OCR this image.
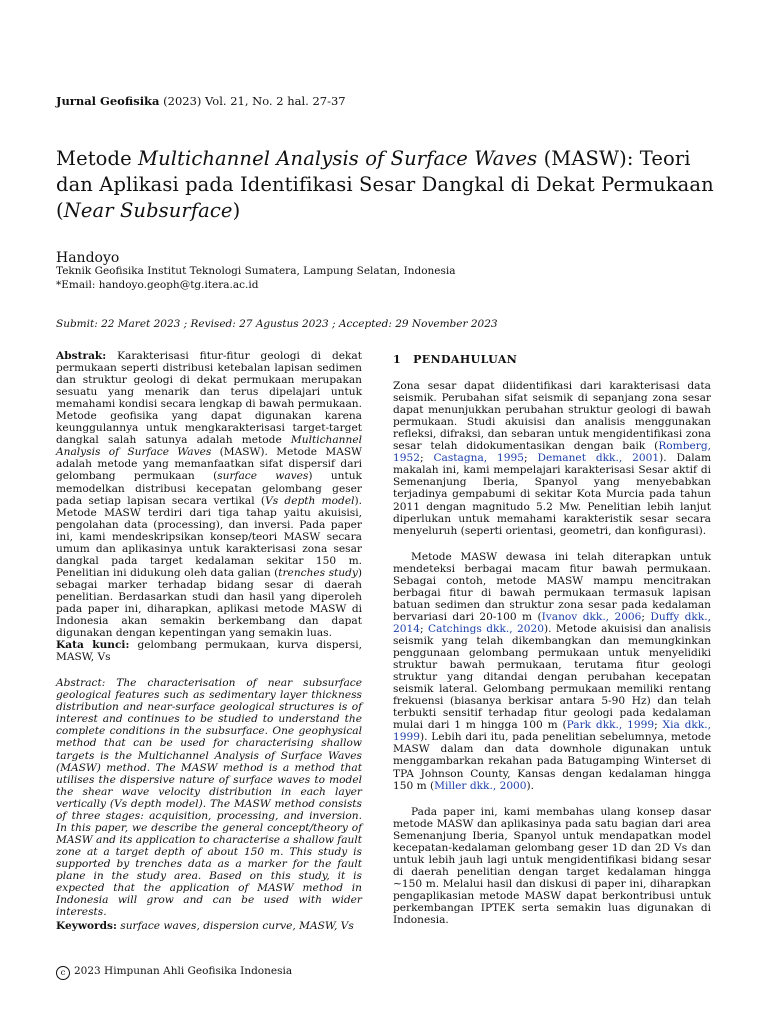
Jurnal Geofisika (2023) Vol. 21, No. 2 hal. 27-37
Metode Multichannel Analysis of Surface Waves (MASW): Teori dan Aplikasi pada Identifikasi Sesar Dangkal di Dekat Permukaan (Near Subsurface)
Handoyo
Teknik Geofisika Institut Teknologi Sumatera, Lampung Selatan, Indonesia
*Email: handoyo.geoph@tg.itera.ac.id
Submit: 22 Maret 2023 ; Revised: 27 Agustus 2023 ; Accepted: 29 November 2023
Abstrak: Karakterisasi fitur-fitur geologi di dekat permukaan seperti distribusi ketebalan lapisan sedimen dan struktur geologi di dekat permukaan merupakan sesuatu yang menarik dan terus dipelajari untuk memahami kondisi secara lengkap di bawah permukaan. Metode geofisika yang dapat digunakan karena keunggulannya untuk mengkarakterisasi target-target dangkal salah satunya adalah metode Multichannel Analysis of Surface Waves (MASW). Metode MASW adalah metode yang memanfaatkan sifat dispersif dari gelombang permukaan (surface waves) untuk memodelkan distribusi kecepatan gelombang geser pada setiap lapisan secara vertikal (Vs depth model). Metode MASW terdiri dari tiga tahap yaitu akuisisi, pengolahan data (processing), dan inversi. Pada paper ini, kami mendeskripsikan konsep/teori MASW secara umum dan aplikasinya untuk karakterisasi zona sesar dangkal pada target kedalaman sekitar 150 m. Penelitian ini didukung oleh data galian (trenches study) sebagai marker terhadap bidang sesar di daerah penelitian. Berdasarkan studi dan hasil yang diperoleh pada paper ini, diharapkan, aplikasi metode MASW di Indonesia akan semakin berkembang dan dapat digunakan dengan kepentingan yang semakin luas.
Kata kunci: gelombang permukaan, kurva dispersi, MASW, Vs
Abstract: The characterisation of near subsurface geological features such as sedimentary layer thickness distribution and near-surface geological structures is of interest and continues to be studied to understand the complete conditions in the subsurface. One geophysical method that can be used for characterising shallow targets is the Multichannel Analysis of Surface Waves (MASW) method. The MASW method is a method that utilises the dispersive nature of surface waves to model the shear wave velocity distribution in each layer vertically (Vs depth model). The MASW method consists of three stages: acquisition, processing, and inversion. In this paper, we describe the general concept/theory of MASW and its application to characterise a shallow fault zone at a target depth of about 150 m. This study is supported by trenches data as a marker for the fault plane in the study area. Based on this study, it is expected that the application of MASW method in Indonesia will grow and can be used with wider interests.
Keywords: surface waves, dispersion curve, MASW, Vs
1 PENDAHULUAN

Zona sesar dapat diidentifikasi dari karakterisasi data seismik. Perubahan sifat seismik di sepanjang zona sesar dapat menunjukkan perubahan struktur geologi di bawah permukaan. Studi akuisisi dan analisis menggunakan refleksi, difraksi, dan sebaran untuk mengidentifikasi zona sesar telah didokumentasikan dengan baik (Romberg, 1952; Castagna, 1995; Demanet dkk., 2001). Dalam makalah ini, kami mempelajari karakterisasi Sesar aktif di Semenanjung Iberia, Spanyol yang menyebabkan terjadinya gempabumi di sekitar Kota Murcia pada tahun 2011 dengan magnitudo 5.2 Mw. Penelitian lebih lanjut diperlukan untuk memahami karakteristik sesar secara menyeluruh (seperti orientasi, geometri, dan konfigurasi).

Metode MASW dewasa ini telah diterapkan untuk mendeteksi berbagai macam fitur bawah permukaan. Sebagai contoh, metode MASW mampu mencitrakan berbagai fitur di bawah permukaan termasuk lapisan batuan sedimen dan struktur zona sesar pada kedalaman bervariasi dari 20-100 m (Ivanov dkk., 2006; Duffy dkk., 2014; Catchings dkk., 2020). Metode akuisisi dan analisis seismik yang telah dikembangkan dan memungkinkan penggunaan gelombang permukaan untuk menyelidiki struktur bawah permukaan, terutama fitur geologi struktur yang ditandai dengan perubahan kecepatan seismik lateral. Gelombang permukaan memiliki rentang frekuensi (biasanya berkisar antara 5-90 Hz) dan telah terbukti sensitif terhadap fitur geologi pada kedalaman mulai dari 1 m hingga 100 m (Park dkk., 1999; Xia dkk., 1999). Lebih dari itu, pada penelitian sebelumnya, metode MASW dalam dan data downhole digunakan untuk menggambarkan rekahan pada Batugamping Winterset di TPA Johnson County, Kansas dengan kedalaman hingga 150 m (Miller dkk., 2000).

Pada paper ini, kami membahas ulang konsep dasar metode MASW dan aplikasinya pada satu bagian dari area Semenanjung Iberia, Spanyol untuk mendapatkan model kecepatan-kedalaman gelombang geser 1D dan 2D Vs dan untuk lebih jauh lagi untuk mengidentifikasi bidang sesar di daerah penelitian dengan target kedalaman hingga ∼150 m. Melalui hasil dan diskusi di paper ini, diharapkan pengaplikasian metode MASW dapat berkontribusi untuk perkembangan IPTEK serta semakin luas digunakan di Indonesia.

c 2023 Himpunan Ahli Geofisika Indonesia
